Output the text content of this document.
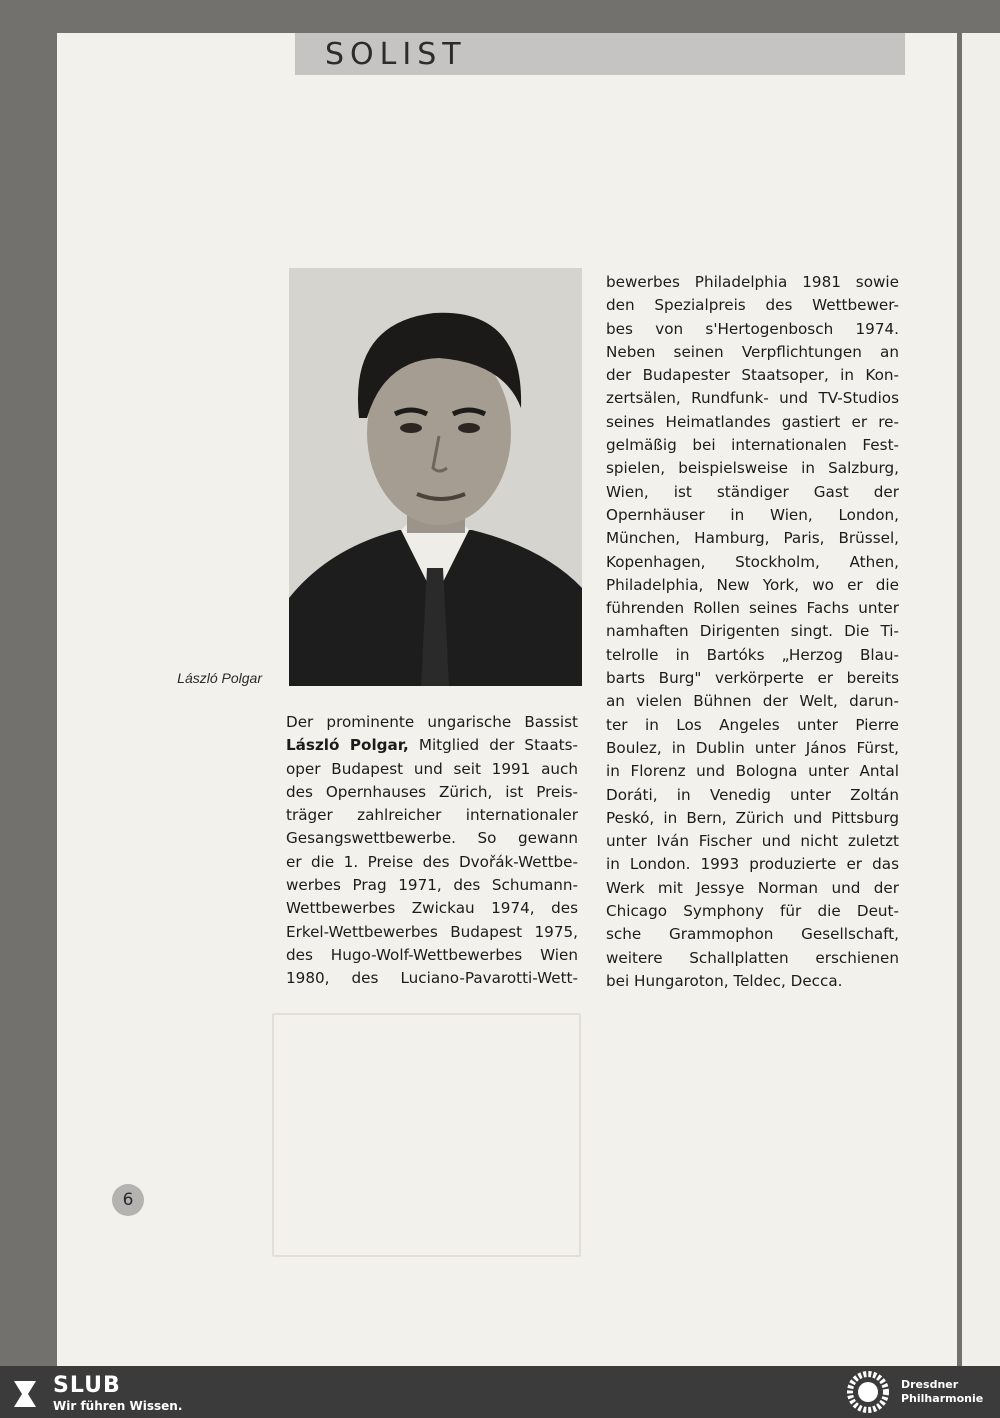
SOLIST
László Polgar
Der prominente ungarische Bassist
László Polgar, Mitglied der Staats-
oper Budapest und seit 1991 auch
des Opernhauses Zürich, ist Preis-
träger zahlreicher internationaler
Gesangswettbewerbe. So gewann
er die 1. Preise des Dvořák-Wettbe-
werbes Prag 1971, des Schumann-
Wettbewerbes Zwickau 1974, des
Erkel-Wettbewerbes Budapest 1975,
des Hugo-Wolf-Wettbewerbes Wien
1980, des Luciano-Pavarotti-Wett-
bewerbes Philadelphia 1981 sowie
den Spezialpreis des Wettbewer-
bes von s'Hertogenbosch 1974.
Neben seinen Verpflichtungen an
der Budapester Staatsoper, in Kon-
zertsälen, Rundfunk- und TV-Studios
seines Heimatlandes gastiert er re-
gelmäßig bei internationalen Fest-
spielen, beispielsweise in Salzburg,
Wien, ist ständiger Gast der
Opernhäuser in Wien, London,
München, Hamburg, Paris, Brüssel,
Kopenhagen, Stockholm, Athen,
Philadelphia, New York, wo er die
führenden Rollen seines Fachs unter
namhaften Dirigenten singt. Die Ti-
telrolle in Bartóks „Herzog Blau-
barts Burg" verkörperte er bereits
an vielen Bühnen der Welt, darun-
ter in Los Angeles unter Pierre
Boulez, in Dublin unter János Fürst,
in Florenz und Bologna unter Antal
Doráti, in Venedig unter Zoltán
Peskó, in Bern, Zürich und Pittsburg
unter Iván Fischer und nicht zuletzt
in London. 1993 produzierte er das
Werk mit Jessye Norman und der
Chicago Symphony für die Deut-
sche Grammophon Gesellschaft,
weitere Schallplatten erschienen
bei Hungaroton, Teldec, Decca.
6
SLUB
Wir führen Wissen.
Dresdner
Philharmonie
